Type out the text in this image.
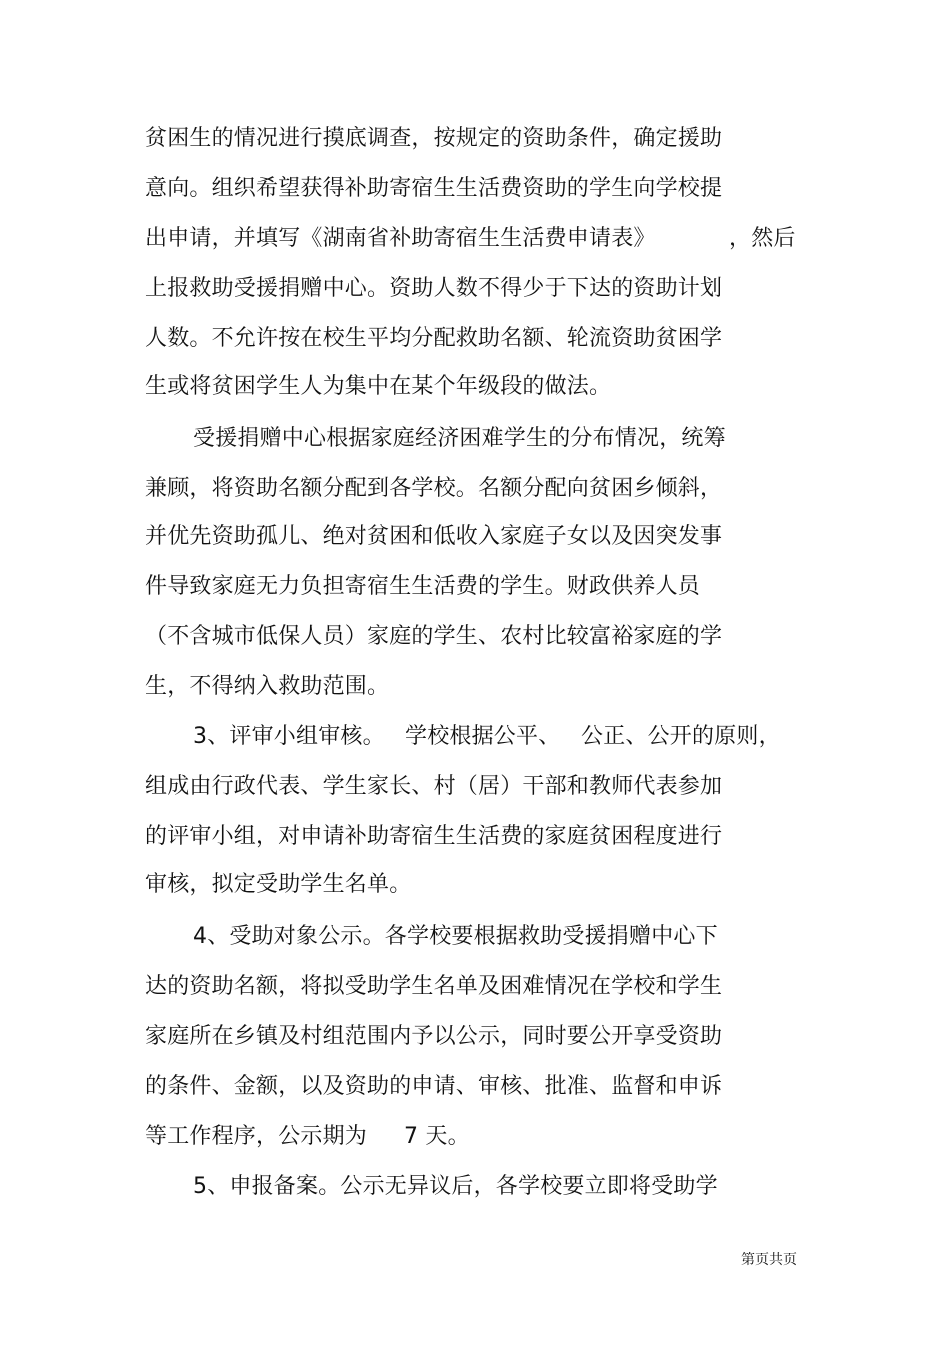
贫困生的情况进行摸底调查，按规定的资助条件，确定援助
意向。组织希望获得补助寄宿生生活费资助的学生向学校提
出申请，并填写《湖南省补助寄宿生生活费申请表》	，然后
上报救助受援捐赠中心。资助人数不得少于下达的资助计划
人数。不允许按在校生平均分配救助名额、轮流资助贫困学
生或将贫困学生人为集中在某个年级段的做法。
受援捐赠中心根据家庭经济困难学生的分布情况，统筹
兼顾，将资助名额分配到各学校。名额分配向贫困乡倾斜，
并优先资助孤儿、绝对贫困和低收入家庭子女以及因突发事
件导致家庭无力负担寄宿生生活费的学生。财政供养人员
（不含城市低保人员）家庭的学生、农村比较富裕家庭的学
生，不得纳入救助范围。
3、评审小组审核。 学校根据公平、 公正、公开的原则，
组成由行政代表、学生家长、村（居）干部和教师代表参加
的评审小组，对申请补助寄宿生生活费的家庭贫困程度进行
审核，拟定受助学生名单。
4、受助对象公示。各学校要根据救助受援捐赠中心下
达的资助名额，将拟受助学生名单及困难情况在学校和学生
家庭所在乡镇及村组范围内予以公示，同时要公开享受资助
的条件、金额，以及资助的申请、审核、批准、监督和申诉
等工作程序，公示期为 7 天。
5、申报备案。公示无异议后，各学校要立即将受助学
第页共页
